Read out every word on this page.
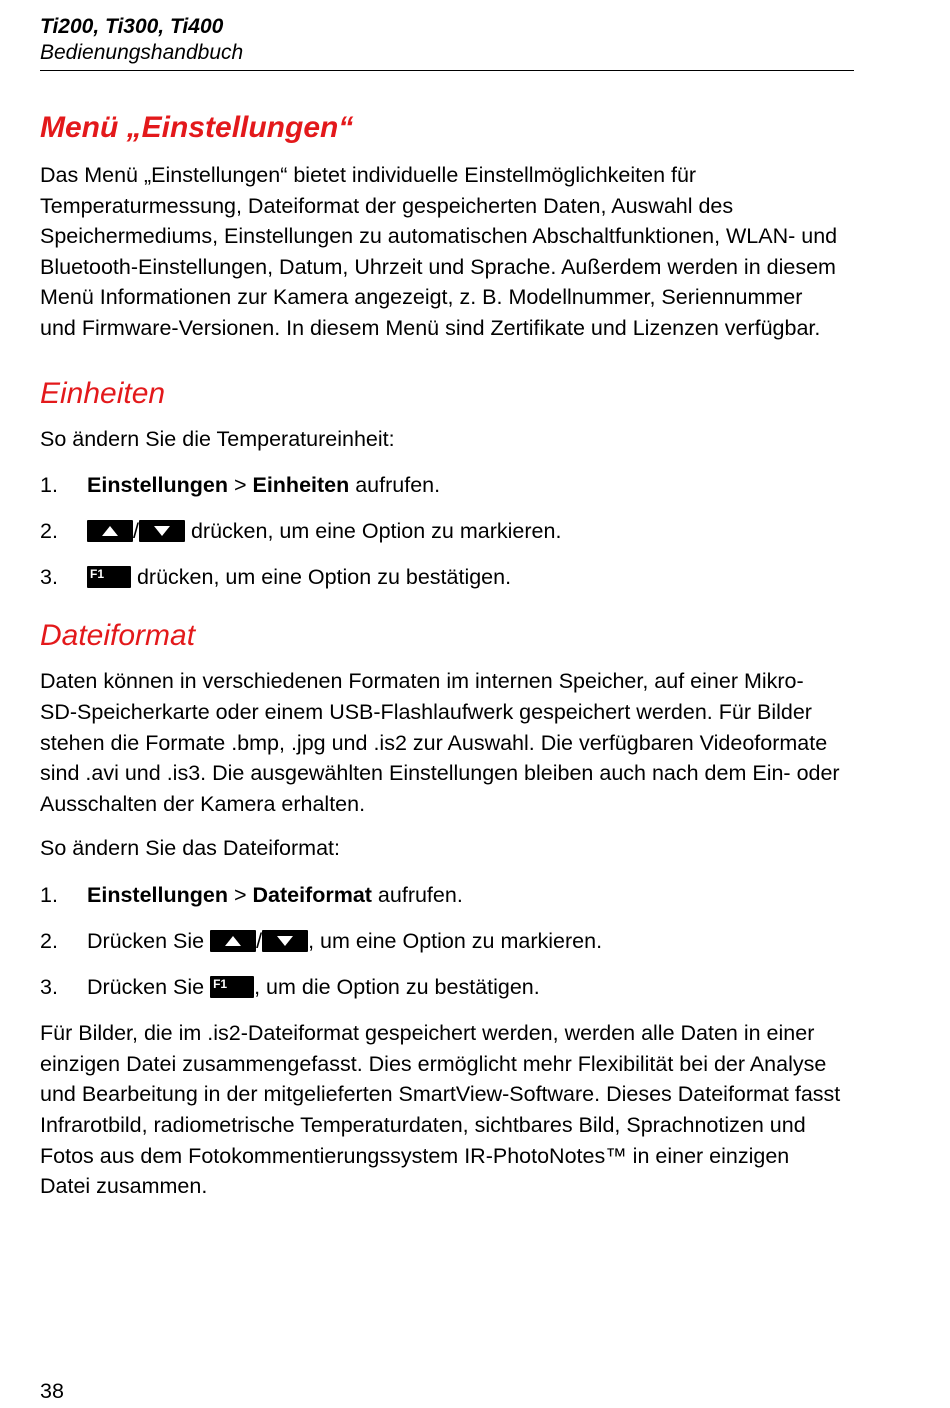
Ti200, Ti300, Ti400
Bedienungshandbuch
Menü „Einstellungen“

Das Menü „Einstellungen“ bietet individuelle Einstellmöglichkeiten für Temperaturmessung, Dateiformat der gespeicherten Daten, Auswahl des Speichermediums, Einstellungen zu automatischen Abschaltfunktionen, WLAN- und Bluetooth-Einstellungen, Datum, Uhrzeit und Sprache. Außerdem werden in diesem Menü Informationen zur Kamera angezeigt, z. B. Modellnummer, Seriennummer und Firmware-Versionen. In diesem Menü sind Zertifikate und Lizenzen verfügbar.

Einheiten

So ändern Sie die Temperatureinheit:

1.	Einstellungen > Einheiten aufrufen.
2.	/
drücken, um eine Option zu markieren.
3.	F1 drücken, um eine Option zu bestätigen.
Dateiformat

Daten können in verschiedenen Formaten im internen Speicher, auf einer Mikro-SD-Speicherkarte oder einem USB-Flashlaufwerk gespeichert werden. Für Bilder stehen die Formate .bmp, .jpg und .is2 zur Auswahl. Die verfügbaren Videoformate sind .avi und .is3. Die ausgewählten Einstellungen bleiben auch nach dem Ein- oder Ausschalten der Kamera erhalten.

So ändern Sie das Dateiformat:

1.	Einstellungen > Dateiformat aufrufen.
2.	Drücken Sie
/ , um eine Option zu markieren.
3.	Drücken Sie F1 , um die Option zu bestätigen.

Für Bilder, die im .is2-Dateiformat gespeichert werden, werden alle Daten in einer einzigen Datei zusammengefasst. Dies ermöglicht mehr Flexibilität bei der Analyse und Bearbeitung in der mitgelieferten SmartView-Software. Dieses Dateiformat fasst Infrarotbild, radiometrische Temperaturdaten, sichtbares Bild, Sprachnotizen und Fotos aus dem Fotokommentierungssystem IR-PhotoNotes™ in einer einzigen Datei zusammen.

38
